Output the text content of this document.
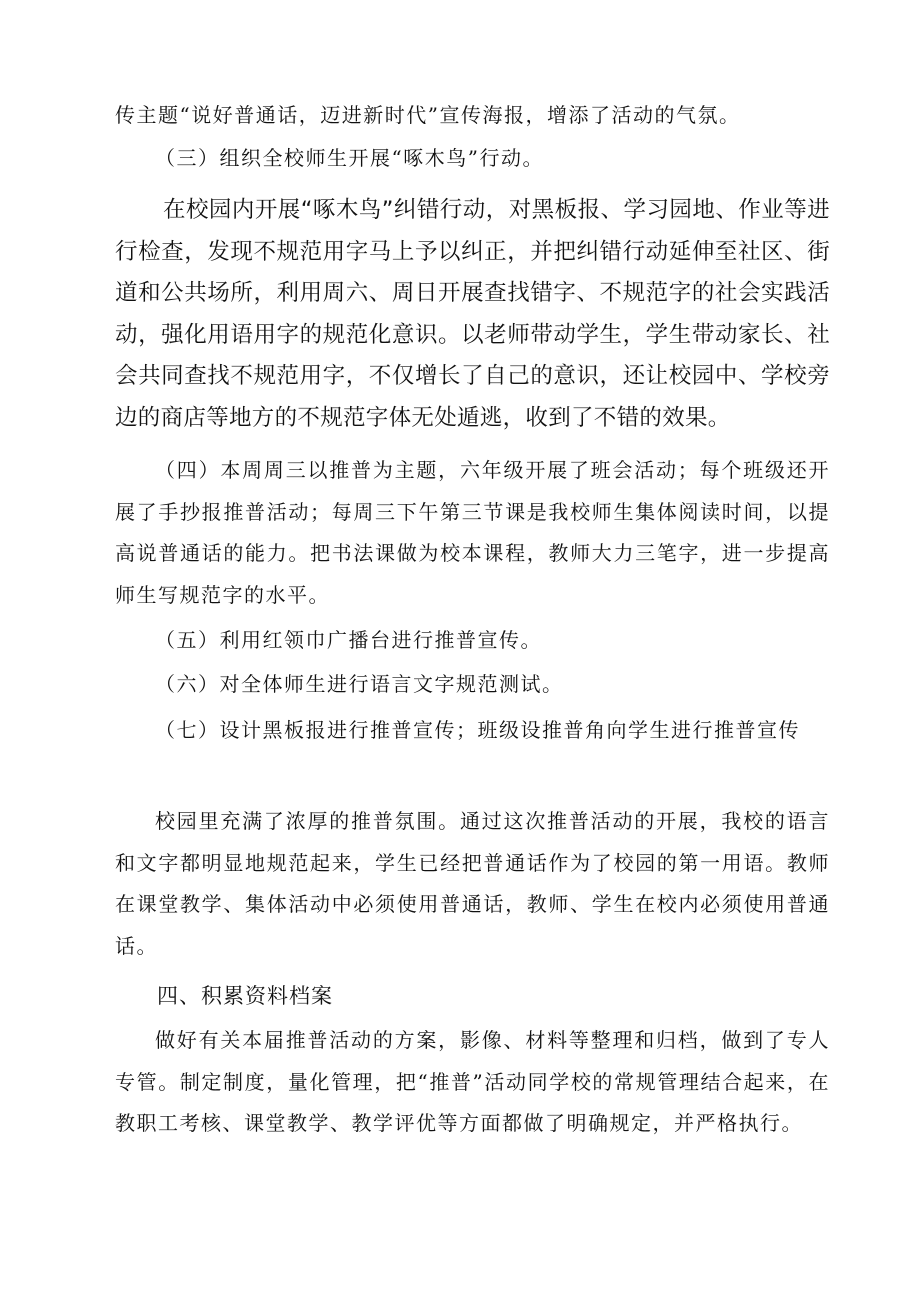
传主题“说好普通话，迈进新时代”宣传海报，增添了活动的气氛。

（三）组织全校师生开展“啄木鸟”行动。

在校园内开展“啄木鸟”纠错行动，对黑板报、学习园地、作业等进行检查，发现不规范用字马上予以纠正，并把纠错行动延伸至社区、街道和公共场所，利用周六、周日开展查找错字、不规范字的社会实践活动，强化用语用字的规范化意识。以老师带动学生，学生带动家长、社会共同查找不规范用字，不仅增长了自己的意识，还让校园中、学校旁边的商店等地方的不规范字体无处遁逃，收到了不错的效果。

（四）本周周三以推普为主题，六年级开展了班会活动；每个班级还开展了手抄报推普活动；每周三下午第三节课是我校师生集体阅读时间，以提高说普通话的能力。把书法课做为校本课程，教师大力三笔字，进一步提高师生写规范字的水平。

（五）利用红领巾广播台进行推普宣传。

（六）对全体师生进行语言文字规范测试。

（七）设计黑板报进行推普宣传；班级设推普角向学生进行推普宣传

校园里充满了浓厚的推普氛围。通过这次推普活动的开展，我校的语言和文字都明显地规范起来，学生已经把普通话作为了校园的第一用语。教师在课堂教学、集体活动中必须使用普通话，教师、学生在校内必须使用普通话。

四、积累资料档案

做好有关本届推普活动的方案，影像、材料等整理和归档，做到了专人专管。制定制度，量化管理，把“推普”活动同学校的常规管理结合起来，在教职工考核、课堂教学、教学评优等方面都做了明确规定，并严格执行。
